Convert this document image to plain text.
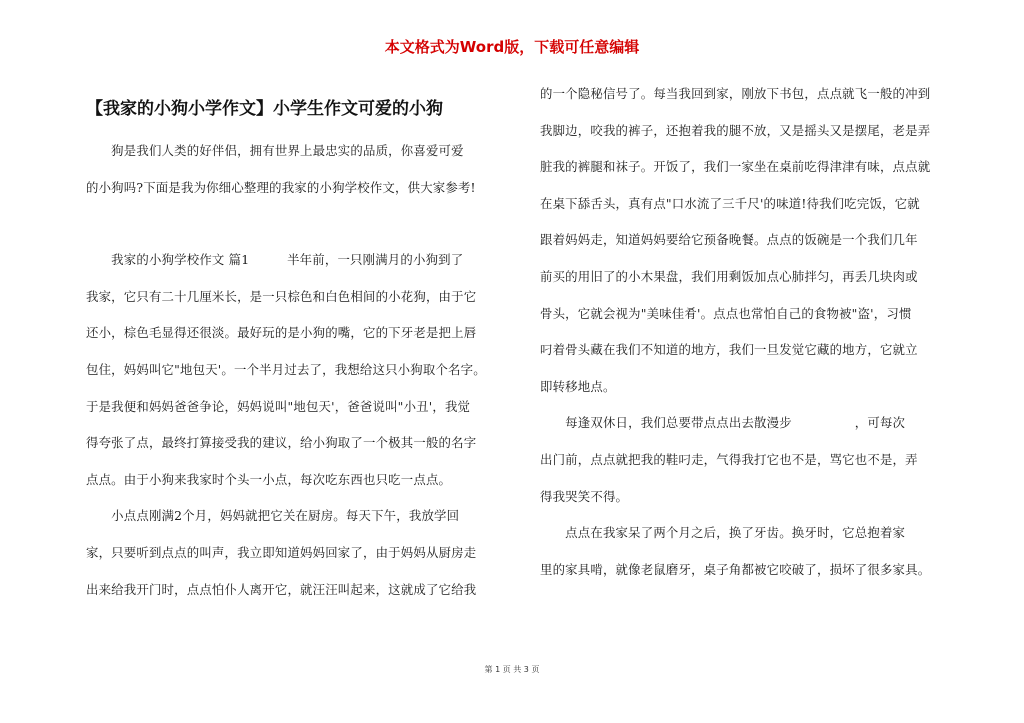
本文格式为Word版，下载可任意编辑
【我家的小狗小学作文】小学生作文可爱的小狗
　　狗是我们人类的好伴侣，拥有世界上最忠实的品质，你喜爱可爱
的小狗吗?下面是我为你细心整理的我家的小狗学校作文，供大家参考!
　　我家的小狗学校作文 篇1　　　半年前，一只刚满月的小狗到了
我家，它只有二十几厘米长，是一只棕色和白色相间的小花狗，由于它
还小，棕色毛显得还很淡。最好玩的是小狗的嘴，它的下牙老是把上唇
包住，妈妈叫它"地包天'。一个半月过去了，我想给这只小狗取个名字。
于是我便和妈妈爸爸争论，妈妈说叫"地包天'，爸爸说叫"小丑'，我觉
得夸张了点，最终打算接受我的建议，给小狗取了一个极其一般的名字
点点。由于小狗来我家时个头一小点，每次吃东西也只吃一点点。
　　小点点刚满2个月，妈妈就把它关在厨房。每天下午，我放学回
家，只要听到点点的叫声，我立即知道妈妈回家了，由于妈妈从厨房走
出来给我开门时，点点怕仆人离开它，就汪汪叫起来，这就成了它给我
的一个隐秘信号了。每当我回到家，刚放下书包，点点就飞一般的冲到
我脚边，咬我的裤子，还抱着我的腿不放，又是摇头又是摆尾，老是弄
脏我的裤腿和袜子。开饭了，我们一家坐在桌前吃得津津有味，点点就
在桌下舔舌头，真有点"口水流了三千尺'的味道!待我们吃完饭，它就
跟着妈妈走，知道妈妈要给它预备晚餐。点点的饭碗是一个我们几年
前买的用旧了的小木果盘，我们用剩饭加点心肺拌匀，再丢几块肉或
骨头，它就会视为"美味佳肴'。点点也常怕自己的食物被"盗'，习惯
叼着骨头藏在我们不知道的地方，我们一旦发觉它藏的地方，它就立
即转移地点。
　　每逢双休日，我们总要带点点出去散漫步　　　　　，可每次
出门前，点点就把我的鞋叼走，气得我打它也不是，骂它也不是，弄
得我哭笑不得。
　　点点在我家呆了两个月之后，换了牙齿。换牙时，它总抱着家
里的家具啃，就像老鼠磨牙，桌子角都被它咬破了，损坏了很多家具。
第 1 页 共 3 页
